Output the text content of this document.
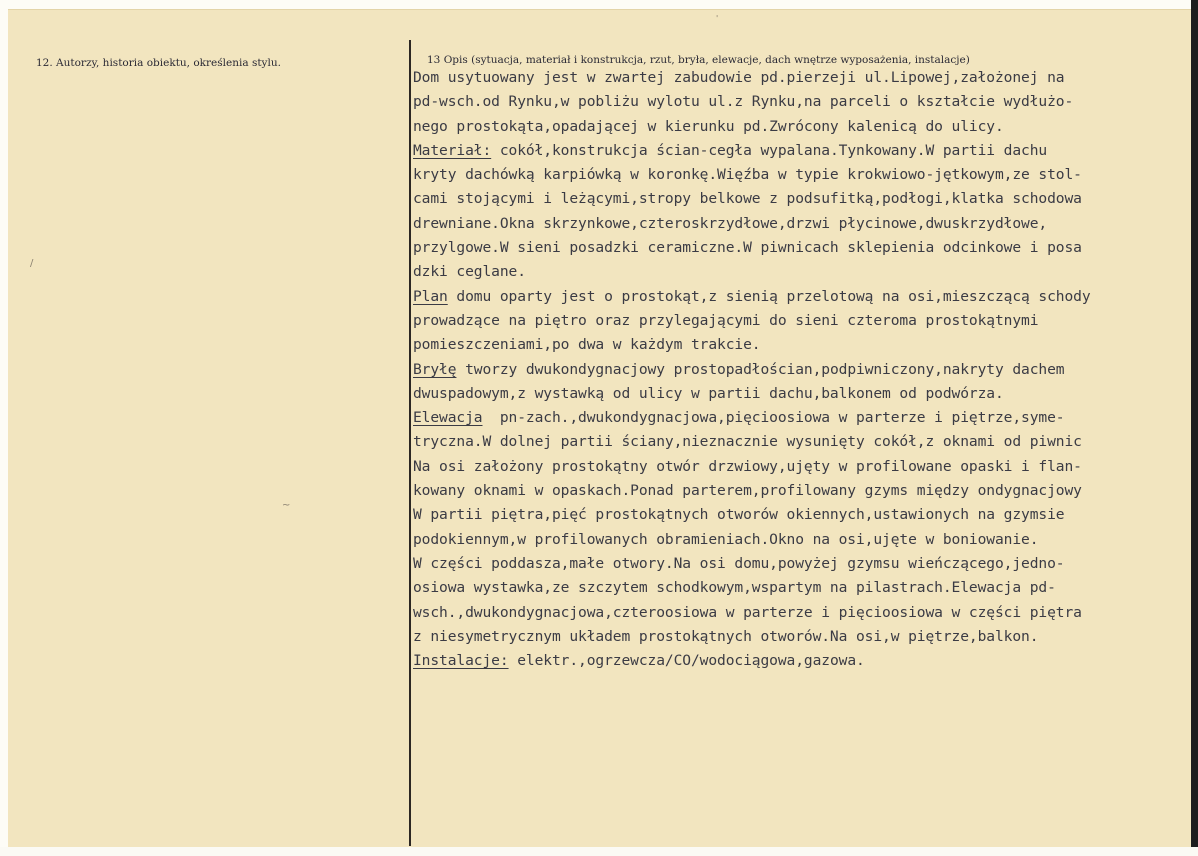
12. Autorzy, historia obiektu, określenia stylu.	13 Opis (sytuacja, materiał i konstrukcja, rzut, bryła, elewacje, dach wnętrze wyposażenia, instalacje)
'
/
~
Dom usytuowany jest w zwartej zabudowie pd.pierzeji ul.Lipowej,założonej na
pd-wsch.od Rynku,w pobliżu wylotu ul.z Rynku,na parceli o kształcie wydłużo-
nego prostokąta,opadającej w kierunku pd.Zwrócony kalenicą do ulicy.
Materiał: cokół,konstrukcja ścian-cegła wypalana.Tynkowany.W partii dachu
kryty dachówką karpiówką w koronkę.Więźba w typie krokwiowo-jętkowym,ze stol-
cami stojącymi i leżącymi,stropy belkowe z podsufitką,podłogi,klatka schodowa
drewniane.Okna skrzynkowe,czteroskrzydłowe,drzwi płycinowe,dwuskrzydłowe,
przylgowe.W sieni posadzki ceramiczne.W piwnicach sklepienia odcinkowe i posa
dzki ceglane.
Plan domu oparty jest o prostokąt,z sienią przelotową na osi,mieszczącą schody
prowadzące na piętro oraz przylegającymi do sieni czteroma prostokątnymi
pomieszczeniami,po dwa w każdym trakcie.
Bryłę tworzy dwukondygnacjowy prostopadłościan,podpiwniczony,nakryty dachem
dwuspadowym,z wystawką od ulicy w partii dachu,balkonem od podwórza.
Elewacja  pn-zach.,dwukondygnacjowa,pięcioosiowa w parterze i piętrze,syme-
tryczna.W dolnej partii ściany,nieznacznie wysunięty cokół,z oknami od piwnic
Na osi założony prostokątny otwór drzwiowy,ujęty w profilowane opaski i flan-
kowany oknami w opaskach.Ponad parterem,profilowany gzyms między ondygnacjowy
W partii piętra,pięć prostokątnych otworów okiennych,ustawionych na gzymsie
podokiennym,w profilowanych obramieniach.Okno na osi,ujęte w boniowanie.
W części poddasza,małe otwory.Na osi domu,powyżej gzymsu wieńczącego,jedno-
osiowa wystawka,ze szczytem schodkowym,wspartym na pilastrach.Elewacja pd-
wsch.,dwukondygnacjowa,czteroosiowa w parterze i pięcioosiowa w części piętra
z niesymetrycznym układem prostokątnych otworów.Na osi,w piętrze,balkon.
Instalacje: elektr.,ogrzewcza/CO/wodociągowa,gazowa.
